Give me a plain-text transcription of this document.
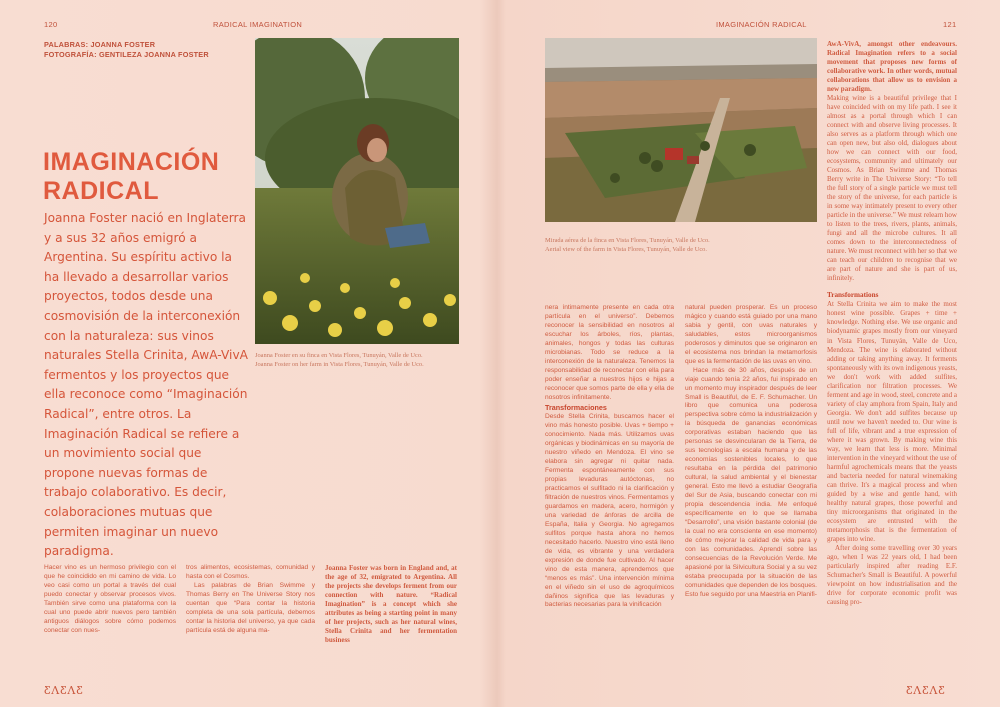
120	RADICAL IMAGINATION
PALABRAS: JOANNA FOSTER
FOTOGRAFÍA: GENTILEZA JOANNA FOSTER
IMAGINACIÓN
RADICAL

Joanna Foster nació en Inglaterra y a sus 32 años emigró a Argentina. Su espíritu activo la ha llevado a desarrollar varios proyectos, todos desde una cosmovisión de la interconexión con la naturaleza: sus vinos naturales Stella Crinita, AwA-VivA fermentos y los proyectos que ella reconoce como “Imaginación Radical”, entre otros. La Imaginación Radical se refiere a un movimiento social que propone nuevas formas de trabajo colaborativo. Es decir, colaboraciones mutuas que permiten imaginar un nuevo paradigma.

Joanna Foster en su finca en Vista Flores, Tunuyán, Valle de Uco.
Joanna Foster on her farm in Vista Flores, Tunuyán, Valle de Uco.

Hacer vino es un hermoso privilegio con el que he coincidido en mi camino de vida. Lo veo casi como un portal a través del cual puedo conectar y observar procesos vivos. También sirve como una plataforma con la cual uno puede abrir nuevos pero también antiguos diálogos sobre cómo podemos conectar con nues-

tros alimentos, ecosistemas, comunidad y hasta con el Cosmos.

Las palabras de Brian Swimme y Thomas Berry en The Universe Story nos cuentan que “Para contar la historia completa de una sola partícula, debemos contar la historia del universo, ya que cada partícula está de alguna ma-

Joanna Foster was born in England and, at the age of 32, emigrated to Argentina. All the projects she develops ferment from our connection with nature. “Radical Imagination” is a concept which she attributes as being a starting point in many of her projects, such as her natural wines, Stella Crinita and her fermentation business

ƸɅƸɅƸ
IMAGINACIÓN RADICAL	121
Mirada aérea de la finca en Vista Flores, Tunuyán, Valle de Uco.
Aerial view of the farm in Vista Flores, Tunuyán, Valle de Uco.

nera íntimamente presente en cada otra partícula en el universo”. Debemos reconocer la sensibilidad en nosotros al escuchar los árboles, ríos, plantas, animales, hongos y todas las culturas microbianas. Todo se reduce a la interconexión de la naturaleza. Tenemos la responsabilidad de reconectar con ella para poder enseñar a nuestros hijos e hijas a reconocer que somos parte de ella y ella de nosotros infinitamente.

Transformaciones

Desde Stella Crinita, buscamos hacer el vino más honesto posible. Uvas + tiempo + conocimiento. Nada más. Utilizamos uvas orgánicas y biodinámicas en su mayoría de nuestro viñedo en Mendoza. El vino se elabora sin agregar ni quitar nada. Fermenta espontáneamente con sus propias levaduras autóctonas, no practicamos el sulfitado ni la clarificación y filtración de nuestros vinos. Fermentamos y guardamos en madera, acero, hormigón y una variedad de ánforas de arcilla de España, Italia y Georgia. No agregamos sulfitos porque hasta ahora no hemos necesitado hacerlo. Nuestro vino está lleno de vida, es vibrante y una verdadera expresión de donde fue cultivado. Al hacer vino de esta manera, aprendemos que “menos es más”. Una intervención mínima en el viñedo sin el uso de agroquímicos dañinos significa que las levaduras y bacterias necesarias para la vinificación

natural pueden prosperar. Es un proceso mágico y cuando está guiado por una mano sabia y gentil, con uvas naturales y saludables, estos microorganismos poderosos y diminutos que se originaron en el ecosistema nos brindan la metamorfosis que es la fermentación de las uvas en vino.

Hace más de 30 años, después de un viaje cuando tenía 22 años, fui inspirado en un momento muy inspirador después de leer Small is Beautiful, de E. F. Schumacher. Un libro que comunica una poderosa perspectiva sobre cómo la industrialización y la búsqueda de ganancias económicas corporativas estaban haciendo que las personas se desvincularan de la Tierra, de sus tecnologías a escala humana y de las economías sostenibles locales, lo que resultaba en la pérdida del patrimonio cultural, la salud ambiental y el bienestar general. Esto me llevó a estudiar Geografía del Sur de Asia, buscando conectar con mi propia descendencia india. Me enfoqué específicamente en lo que se llamaba “Desarrollo”, una visión bastante colonial (de la cual no era consciente en ese momento) de cómo mejorar la calidad de vida para y con las comunidades. Aprendí sobre las consecuencias de la Revolución Verde. Me apasioné por la Silvicultura Social y a su vez estaba preocupada por la situación de las comunidades que dependen de los bosques. Esto fue seguido por una Maestría en Planifi-

AwA-VivA, amongst other endeavours. Radical Imagination refers to a social movement that proposes new forms of collaborative work. In other words, mutual collaborations that allow us to envision a new paradigm.

Making wine is a beautiful privilege that I have coincided with on my life path. I see it almost as a portal through which I can connect with and observe living processes. It also serves as a platform through which one can open new, but also old, dialogues about how we can connect with our food, ecosystems, community and ultimately our Cosmos. As Brian Swimme and Thomas Berry write in The Universe Story: “To tell the full story of a single particle we must tell the story of the universe, for each particle is in some way intimately present to every other particle in the universe.” We must relearn how to listen to the trees, rivers, plants, animals, fungi and all the microbe cultures. It all comes down to the interconnectedness of nature. We must reconnect with her so that we can teach our children to recognise that we are part of nature and she is part of us, infinitely.

Transformations

At Stella Crinita we aim to make the most honest wine possible. Grapes + time + knowledge. Nothing else. We use organic and biodynamic grapes mostly from our vineyard in Vista Flores, Tunuyán, Valle de Uco, Mendoza. The wine is elaborated without adding or taking anything away. It ferments spontaneously with its own indigenous yeasts, we don't work with added sulfites, clarification nor filtration processes. We ferment and age in wood, steel, concrete and a variety of clay amphora from Spain, Italy and Georgia. We don't add sulfites because up until now we haven't needed to. Our wine is full of life, vibrant and a true expression of where it was grown. By making wine this way, we learn that less is more. Minimal intervention in the vineyard without the use of harmful agrochemicals means that the yeasts and bacteria needed for natural winemaking can thrive. It's a magical process and when guided by a wise and gentle hand, with healthy natural grapes, those powerful and tiny microorganisms that originated in the ecosystem are entrusted with the metamorphosis that is the fermentation of grapes into wine.

After doing some travelling over 30 years ago, when I was 22 years old, I had been particularly inspired after reading E.F. Schumacher's Small is Beautiful. A powerful viewpoint on how industrialisation and the drive for corporate economic profit was causing pro-

ƸɅƸɅƸ
